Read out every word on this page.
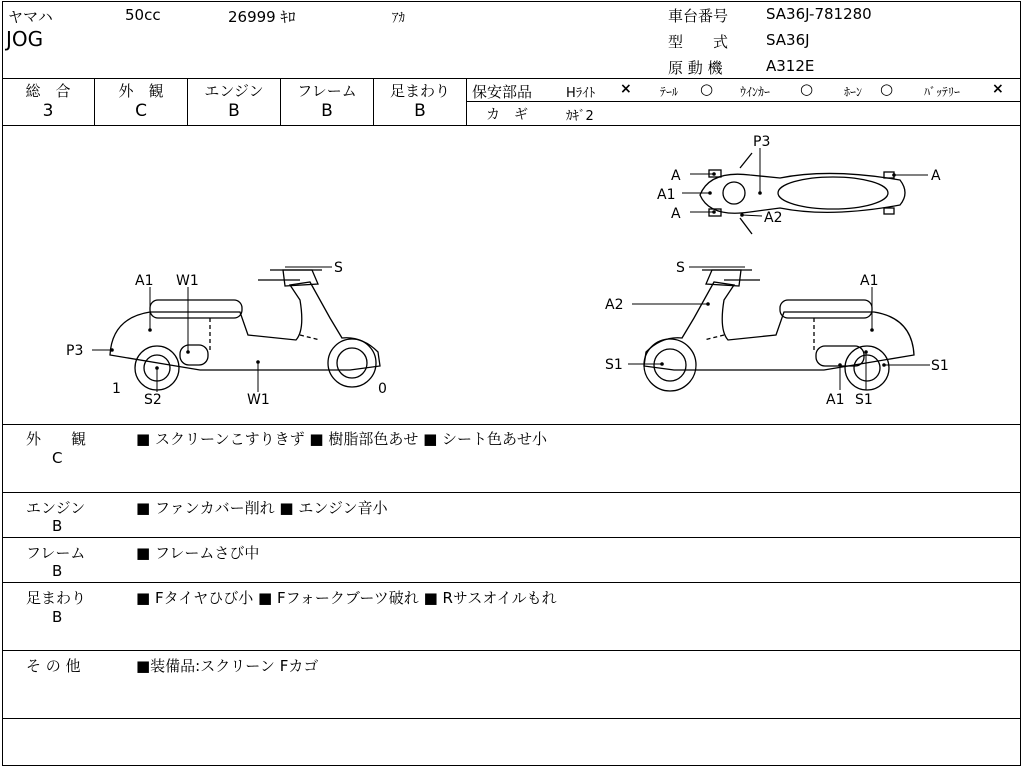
ヤマハ	50cc	26999 ｷﾛ	ｱｶ
JOG
車台番号	SA36J-781280
型　　式	SA36J
原 動 機	A312E
総　合
3
外　観
C
エンジン
B
フレーム
B
足まわり
B
保安部品	Hﾗｲﾄ × ﾃｰﾙ ○ ｳｲﾝｶｰ ○	ﾎｰﾝ ○	ﾊﾞｯﾃﾘｰ ×
カ　ギ	ｶｷﾞ2
A1 W1
S
P3
1
S2	W1
0
P3
A
A1
A	A2
A
S
A1
A2
S1	S1
A1 S1
外　　観
C
■ スクリーンこすりきず ■ 樹脂部色あせ ■ シート色あせ小
エンジン
B
■ ファンカバー削れ ■ エンジン音小
フレーム
B
■ フレームさび中
足まわり
B
■ Fタイヤひび小 ■ Fフォークブーツ破れ ■ Rサスオイルもれ
そ の 他	■装備品:スクリーン Fカゴ
